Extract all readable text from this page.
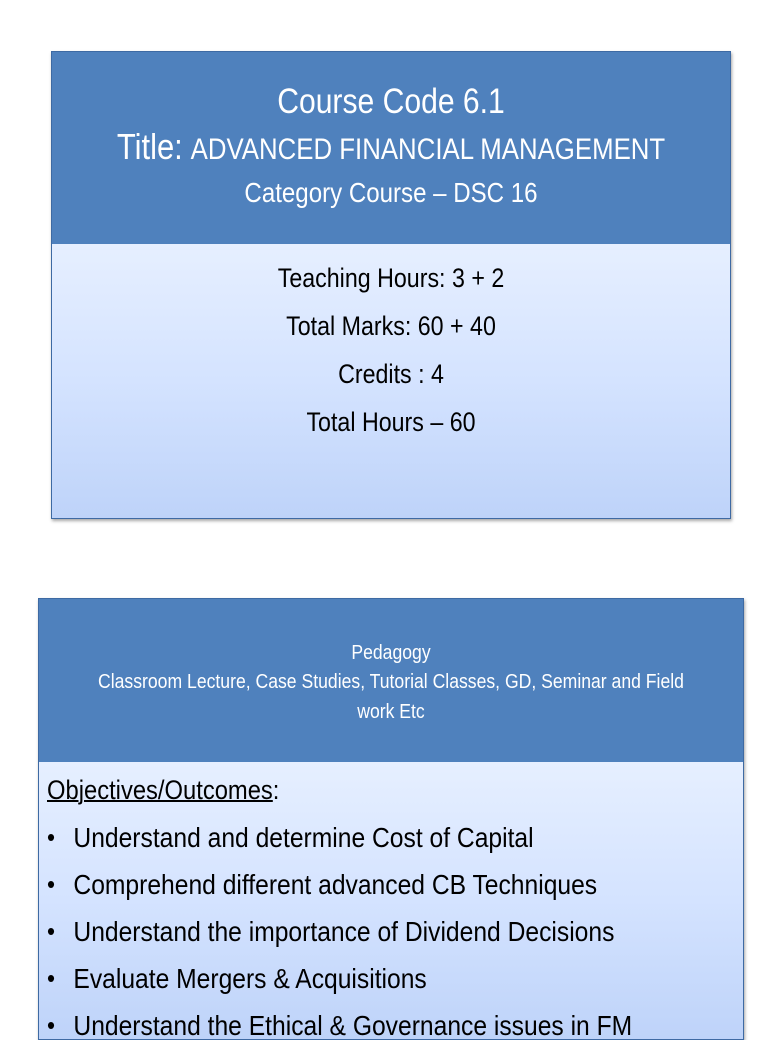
Course Code 6.1
Title: ADVANCED FINANCIAL MANAGEMENT
Category Course – DSC 16
Teaching Hours: 3 + 2
Total Marks: 60 + 40
Credits : 4
Total Hours – 60
Pedagogy
Classroom Lecture, Case Studies, Tutorial Classes, GD, Seminar and Field work Etc
Objectives/Outcomes:
• Understand and determine Cost of Capital
• Comprehend different advanced CB Techniques
• Understand the importance of Dividend Decisions
• Evaluate Mergers & Acquisitions
• Understand the Ethical & Governance issues in FM
